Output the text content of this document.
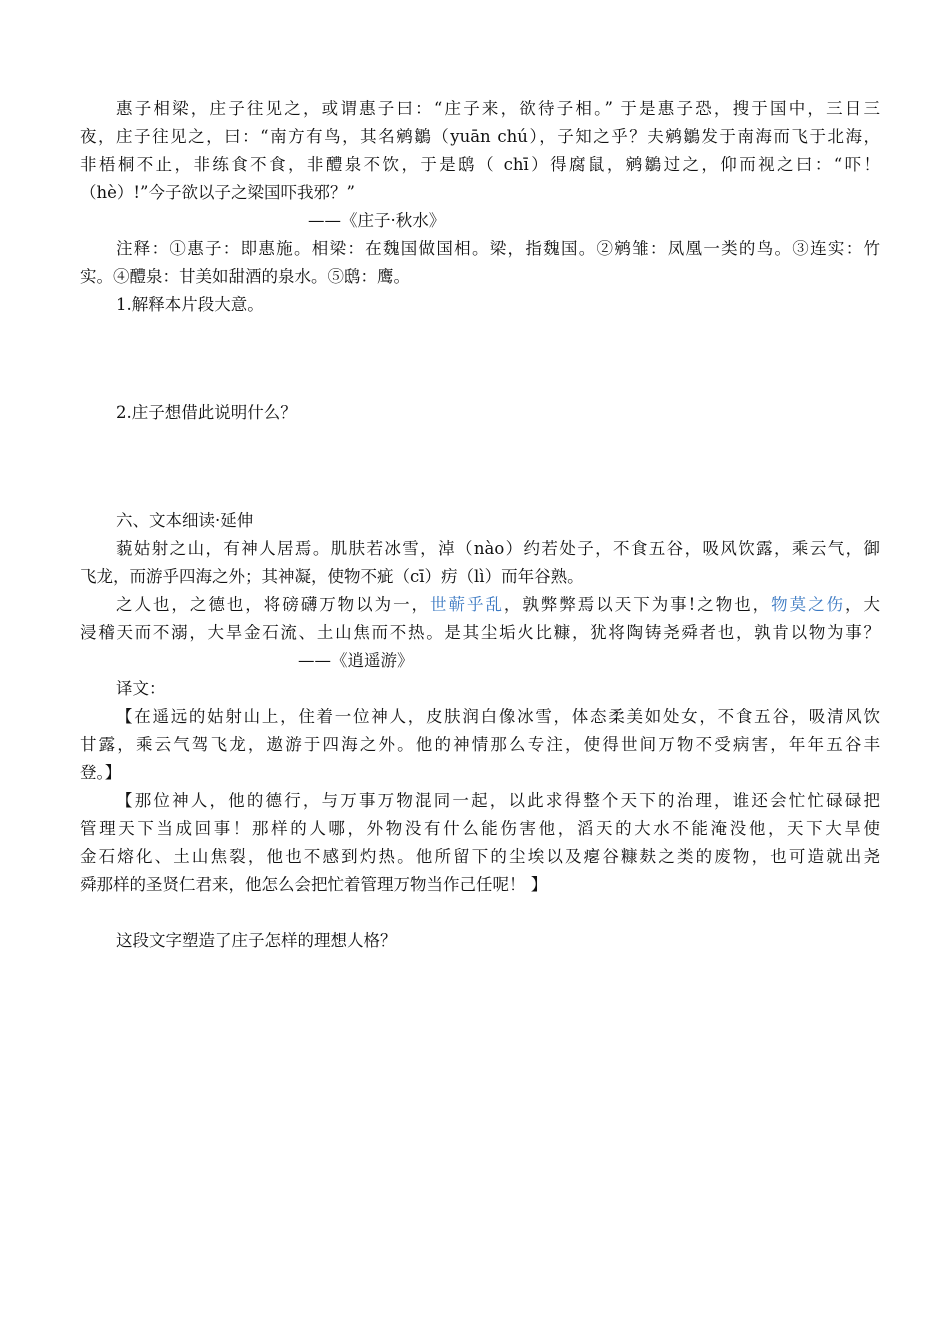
惠子相梁，庄子往见之，或谓惠子曰：“庄子来，欲待子相。” 于是惠子恐，搜于国中，三日三
夜，庄子往见之，曰：“南方有鸟，其名鹓鶵（yuān chú），子知之乎？夫鹓鶵发于南海而飞于北海，
非梧桐不止，非练食不食，非醴泉不饮，于是鸱（ chī）得腐鼠，鹓鶵过之，仰而视之曰：“吓！
（hè）!”今子欲以子之梁国吓我邪？”
——《庄子·秋水》
注释：①惠子：即惠施。相梁：在魏国做国相。梁，指魏国。②鹓雏：凤凰一类的鸟。③连实：竹
实。④醴泉：甘美如甜酒的泉水。⑤鸱：鹰。
1.解释本片段大意。
2.庄子想借此说明什么？
六、文本细读·延伸
藐姑射之山，有神人居焉。肌肤若冰雪，淖（nào）约若处子，不食五谷，吸风饮露，乘云气，御
飞龙，而游乎四海之外；其神凝，使物不疵（cī）疠（lì）而年谷熟。
之人也，之德也，将磅礴万物以为一，世蕲乎乱，孰弊弊焉以天下为事!之物也，物莫之伤，大
浸稽天而不溺，大旱金石流、土山焦而不热。是其尘垢火比糠，犹将陶铸尧舜者也，孰肯以物为事？
——《逍遥游》
译文：
【在遥远的姑射山上，住着一位神人，皮肤润白像冰雪，体态柔美如处女，不食五谷，吸清风饮
甘露，乘云气驾飞龙，遨游于四海之外。他的神情那么专注，使得世间万物不受病害，年年五谷丰
登。】
【那位神人，他的德行，与万事万物混同一起，以此求得整个天下的治理，谁还会忙忙碌碌把
管理天下当成回事！那样的人哪，外物没有什么能伤害他，滔天的大水不能淹没他，天下大旱使
金石熔化、土山焦裂，他也不感到灼热。他所留下的尘埃以及瘪谷糠麸之类的废物，也可造就出尧
舜那样的圣贤仁君来，他怎么会把忙着管理万物当作己任呢！ 】
这段文字塑造了庄子怎样的理想人格？
